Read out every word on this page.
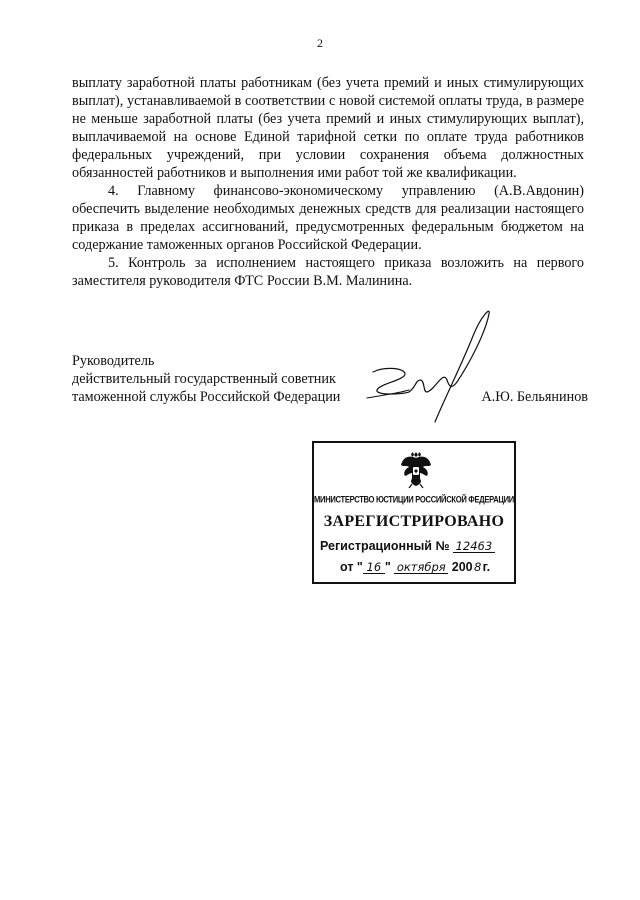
2

выплату заработной платы работникам (без учета премий и иных стимулирующих выплат), устанавливаемой в соответствии с новой системой оплаты труда, в размере не меньше заработной платы (без учета премий и иных стимулирующих выплат), выплачиваемой на основе Единой тарифной сетки по оплате труда работников федеральных учреждений, при условии сохранения объема должностных обязанностей работников и выполнения ими работ той же квалификации.

4. Главному финансово-экономическому управлению (А.В.Авдонин) обеспечить выделение необходимых денежных средств для реализации настоящего приказа в пределах ассигнований, предусмотренных федеральным бюджетом на содержание таможенных органов Российской Федерации.

5. Контроль за исполнением настоящего приказа возложить на первого заместителя руководителя ФТС России В.М. Малинина.

Руководитель
действительный государственный советник
таможенной службы Российской Федерации	А.Ю. Бельянинов
МИНИСТЕРСТВО ЮСТИЦИИ РОССИЙСКОЙ ФЕДЕРАЦИИ
ЗАРЕГИСТРИРОВАНО
Регистрационный № 12463
от " 16 " октября 2008г.
